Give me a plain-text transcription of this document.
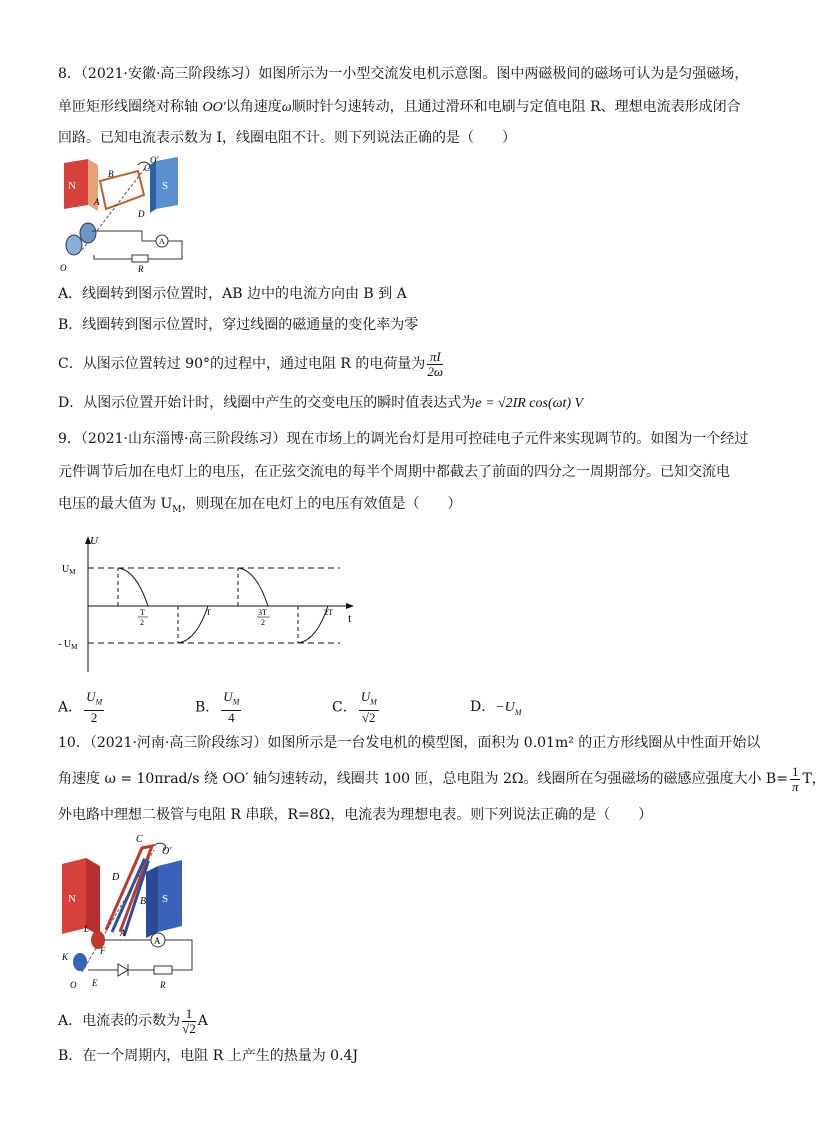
8．（2021·安徽·高三阶段练习）如图所示为一小型交流发电机示意图。图中两磁极间的磁场可认为是匀强磁场，
单匝矩形线圈绕对称轴 OO′以角速度ω顺时针匀速转动，且通过滑环和电刷与定值电阻 R、理想电流表形成闭合
回路。已知电流表示数为 I，线圈电阻不计。则下列说法正确的是（　　）
N	S
B
A
C
D
O′
A
R
O
A．线圈转到图示位置时，AB 边中的电流方向由 B 到 A
B．线圈转到图示位置时，穿过线圈的磁通量的变化率为零
C．从图示位置转过 90°的过程中，通过电阻 R 的电荷量为 $\frac{\pi I}{2\omega}$
D．从图示位置开始计时，线圈中产生的交变电压的瞬时值表达式为e = √2IR cos(ωt) V
9．（2021·山东淄博·高三阶段练习）现在市场上的调光台灯是用可控硅电子元件来实现调节的。如图为一个经过
元件调节后加在电灯上的电压，在正弦交流电的每半个周期中都截去了前面的四分之一周期部分。已知交流电
电压的最大值为 $U_M$，则现在加在电灯上的电压有效值是（　　）
U
t
$U_M$
- $U_M$
T
2
T	3T
2
2T
A． $\frac{U_M}{2}$	B． $\frac{U_M}{4}$	C． $\frac{U_M}{√2}$	D．$-U_M$
10．（2021·河南·高三阶段练习）如图所示是一台发电机的模型图，面积为 0.01m² 的正方形线圈从中性面开始以
角速度 ω = 10πrad/s 绕 OO′ 轴匀速转动，线圈共 100 匝，总电阻为 2Ω。线圈所在匀强磁场的磁感应强度大小 $B= \frac{1}{\pi}$ T，
外电路中理想二极管与电阻 R 串联，R=8Ω，电流表为理想电表。则下列说法正确的是（　　）
N	S
C
O′
D
B
L	A
F
K
O E
A
R
A．电流表的示数为 $\frac{1}{√2}$ A
B．在一个周期内，电阻 R 上产生的热量为 0.4J
